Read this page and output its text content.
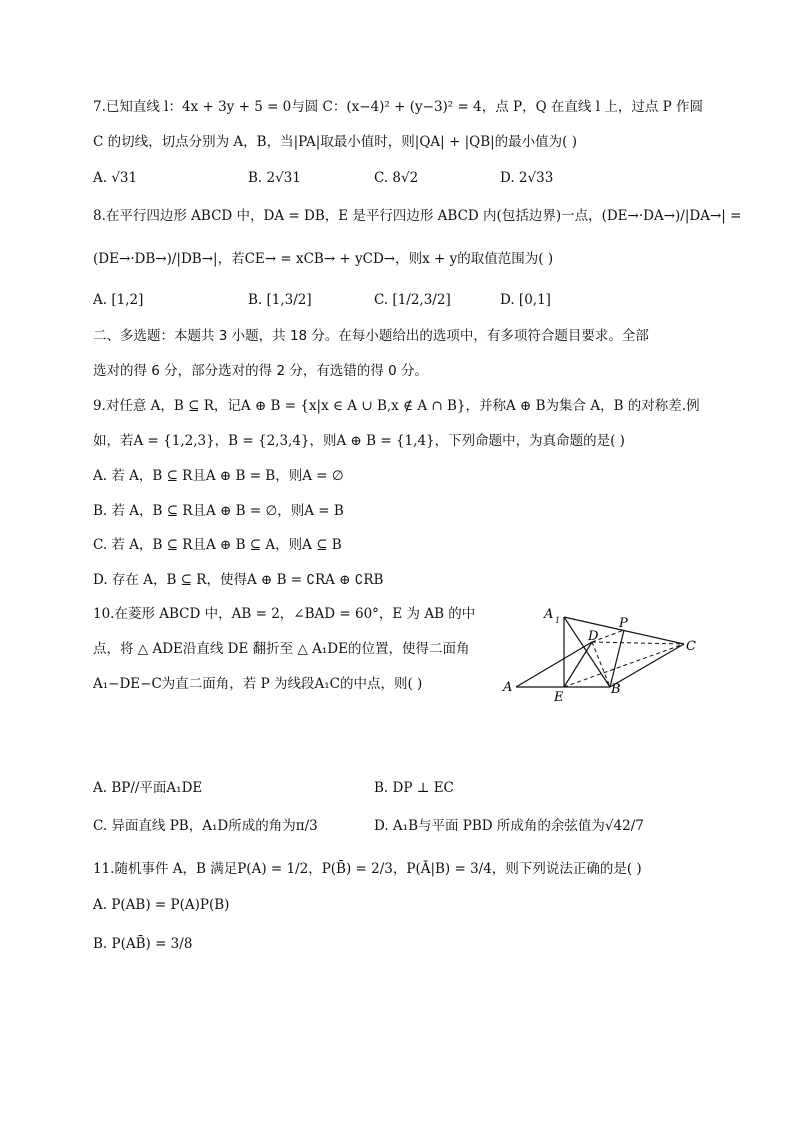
7.已知直线 l：4x + 3y + 5 = 0与圆 C：(x−4)² + (y−3)² = 4，点 P，Q 在直线 l 上，过点 P 作圆
C 的切线，切点分别为 A，B，当|PA|取最小值时，则|QA| + |QB|的最小值为( )
A. √31	B. 2√31	C. 8√2	D. 2√33
8.在平行四边形 ABCD 中，DA = DB，E 是平行四边形 ABCD 内(包括边界)一点，(DE→·DA→)/|DA→| =
(DE→·DB→)/|DB→|，若CE→ = xCB→ + yCD→，则x + y的取值范围为( )
A. [1,2]	B. [1,3/2]	C. [1/2,3/2]	D. [0,1]
二、多选题：本题共 3 小题，共 18 分。在每小题给出的选项中，有多项符合题目要求。全部
选对的得 6 分，部分选对的得 2 分，有选错的得 0 分。
9.对任意 A，B ⊆ R，记A ⊕ B = {x|x ∈ A ∪ B,x ∉ A ∩ B}，并称A ⊕ B为集合 A，B 的对称差.例
如，若A = {1,2,3}，B = {2,3,4}，则A ⊕ B = {1,4}，下列命题中，为真命题的是( )
A. 若 A，B ⊆ R且A ⊕ B = B，则A = ∅
B. 若 A，B ⊆ R且A ⊕ B = ∅，则A = B
C. 若 A，B ⊆ R且A ⊕ B ⊆ A，则A ⊆ B
D. 存在 A，B ⊆ R，使得A ⊕ B = ∁RA ⊕ ∁RB
10.在菱形 ABCD 中，AB = 2，∠BAD = 60°，E 为 AB 的中
点，将 △ ADE沿直线 DE 翻折至 △ A₁DE的位置，使得二面角
A₁−DE−C为直二面角，若 P 为线段A₁C的中点，则( )
A 1	P
D
C
A
E
B
A. BP//平面A₁DE	B. DP ⊥ EC
C. 异面直线 PB，A₁D所成的角为π/3	D. A₁B与平面 PBD 所成角的余弦值为√42/7
11.随机事件 A，B 满足P(A) = 1/2，P(B̄) = 2/3，P(Ā|B) = 3/4，则下列说法正确的是( )
A. P(AB) = P(A)P(B)
B. P(AB̄) = 3/8
